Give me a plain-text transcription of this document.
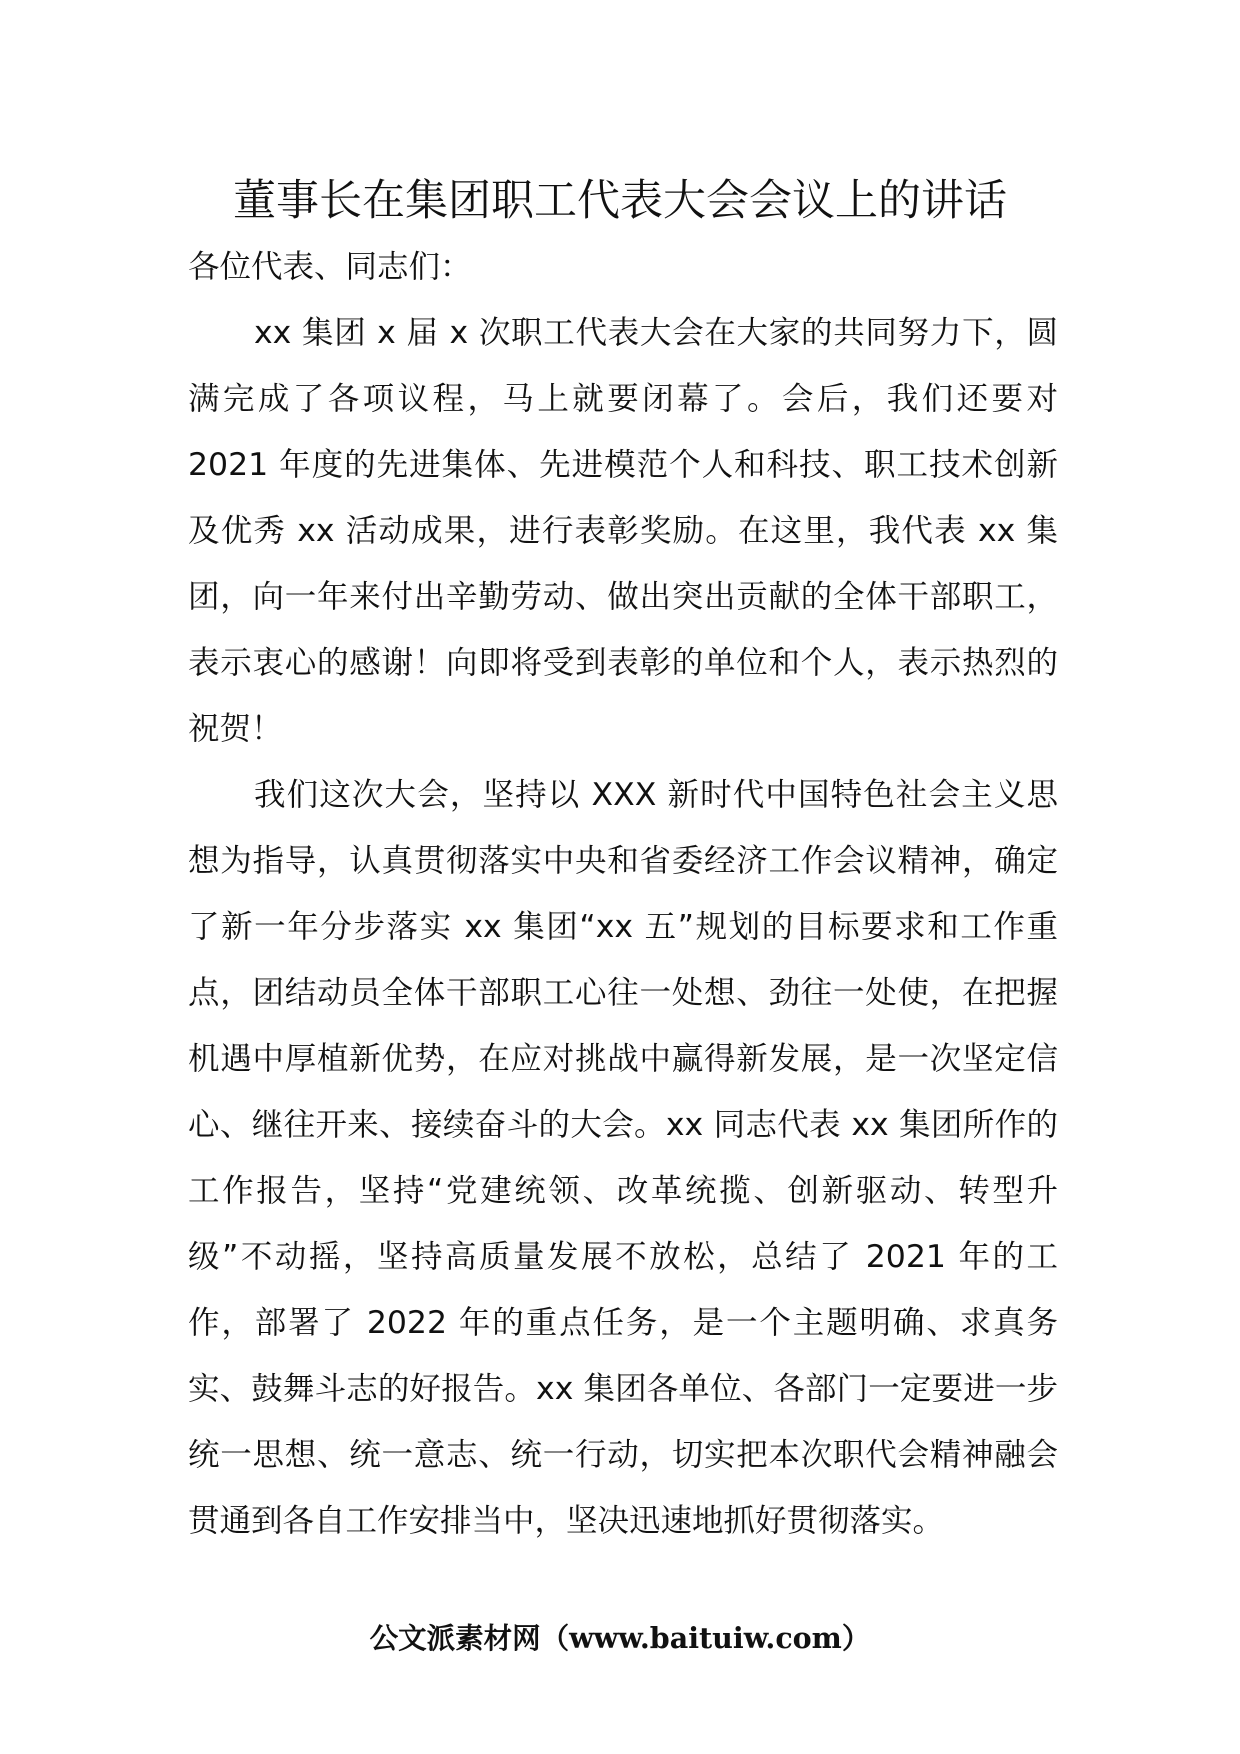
董事长在集团职工代表大会会议上的讲话

各位代表、同志们：

xx 集团 x 届 x 次职工代表大会在大家的共同努力下，圆满完成了各项议程，马上就要闭幕了。会后，我们还要对 2021 年度的先进集体、先进模范个人和科技、职工技术创新及优秀 xx 活动成果，进行表彰奖励。在这里，我代表 xx 集团，向一年来付出辛勤劳动、做出突出贡献的全体干部职工，表示衷心的感谢！向即将受到表彰的单位和个人，表示热烈的祝贺！

我们这次大会，坚持以 XXX 新时代中国特色社会主义思想为指导，认真贯彻落实中央和省委经济工作会议精神，确定了新一年分步落实 xx 集团“xx 五”规划的目标要求和工作重点，团结动员全体干部职工心往一处想、劲往一处使，在把握机遇中厚植新优势，在应对挑战中赢得新发展，是一次坚定信心、继往开来、接续奋斗的大会。xx 同志代表 xx 集团所作的工作报告，坚持“党建统领、改革统揽、创新驱动、转型升级”不动摇，坚持高质量发展不放松，总结了 2021 年的工作，部署了 2022 年的重点任务，是一个主题明确、求真务实、鼓舞斗志的好报告。xx 集团各单位、各部门一定要进一步统一思想、统一意志、统一行动，切实把本次职代会精神融会贯通到各自工作安排当中，坚决迅速地抓好贯彻落实。

公文派素材网（www.baituiw.com）
